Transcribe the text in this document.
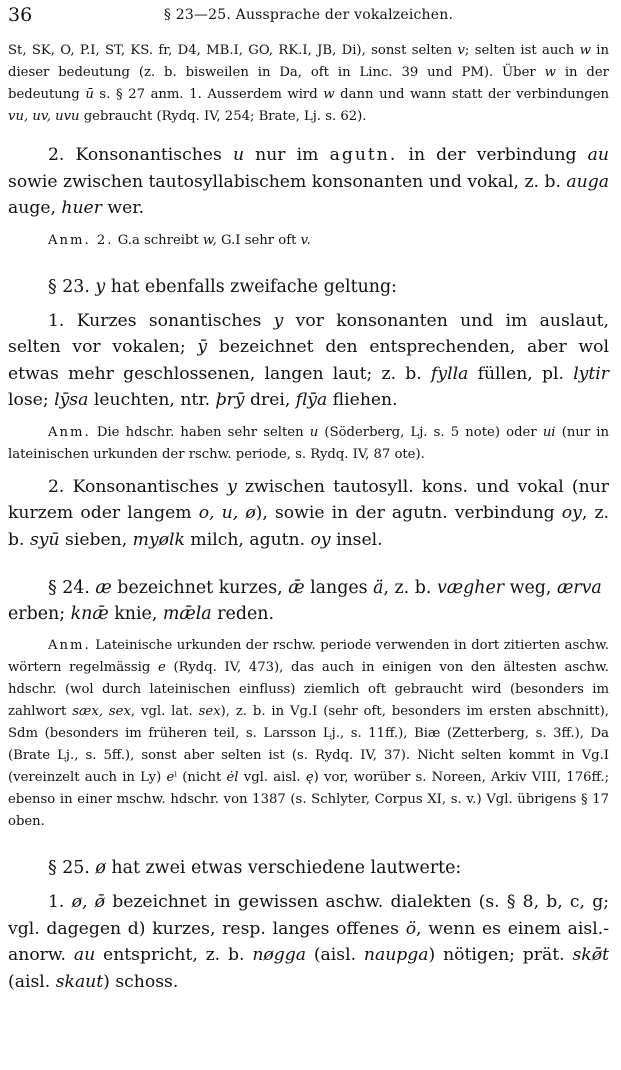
36	§ 23—25. Aussprache der vokalzeichen.

St, SK, O, P.I, ST, KS. fr, D4, MB.I, GO, RK.I, JB, Di), sonst selten v; selten ist auch w in dieser bedeutung (z. b. bisweilen in Da, oft in Linc. 39 und PM). Über w in der bedeutung ū s. § 27 anm. 1. Ausserdem wird w dann und wann statt der verbindungen vu, uv, uvu gebraucht (Rydq. IV, 254; Brate, Lj. s. 62).

2. Konsonantisches u nur im agutn. in der verbindung au sowie zwischen tautosyllabischem konsonanten und vokal, z. b. auga auge, huer wer.

Anm. 2. G.a schreibt w, G.I sehr oft v.

§ 23. y hat ebenfalls zweifache geltung:

1. Kurzes sonantisches y vor konsonanten und im auslaut, selten vor vokalen; ȳ bezeichnet den entsprechenden, aber wol etwas mehr geschlossenen, langen laut; z. b. fylla füllen, pl. lytir lose; lȳsa leuchten, ntr. þrȳ drei, flȳa fliehen.

Anm. Die hdschr. haben sehr selten u (Söderberg, Lj. s. 5 note) oder ui (nur in lateinischen urkunden der rschw. periode, s. Rydq. IV, 87 ote).

2. Konsonantisches y zwischen tautosyll. kons. und vokal (nur kurzem oder langem o, u, ø), sowie in der agutn. verbindung oy, z. b. syū sieben, myølk milch, agutn. oy insel.

§ 24. æ bezeichnet kurzes, ǣ langes ä, z. b. vægher weg, ærva erben; knǣ knie, mǣla reden.

Anm. Lateinische urkunden der rschw. periode verwenden in dort zitierten aschw. wörtern regelmässig e (Rydq. IV, 473), das auch in einigen von den ältesten aschw. hdschr. (wol durch lateinischen einfluss) ziemlich oft gebraucht wird (besonders im zahlwort sæx, sex, vgl. lat. sex), z. b. in Vg.I (sehr oft, besonders im ersten abschnitt), Sdm (besonders im früheren teil, s. Larsson Lj., s. 11ff.), Biæ (Zetterberg, s. 3ff.), Da (Brate Lj., s. 5ff.), sonst aber selten ist (s. Rydq. IV, 37). Nicht selten kommt in Vg.I (vereinzelt auch in Ly) eⁱ (nicht ėl vgl. aisl. ę) vor, worüber s. Noreen, Arkiv VIII, 176ff.; ebenso in einer mschw. hdschr. von 1387 (s. Schlyter, Corpus XI, s. v.) Vgl. übrigens § 17 oben.

§ 25. ø hat zwei etwas verschiedene lautwerte:

1. ø, ø̄ bezeichnet in gewissen aschw. dialekten (s. § 8, b, c, g; vgl. dagegen d) kurzes, resp. langes offenes ö, wenn es einem aisl.-anorw. au entspricht, z. b. nøgga (aisl. naupga) nötigen; prät. skø̄t (aisl. skaut) schoss.
